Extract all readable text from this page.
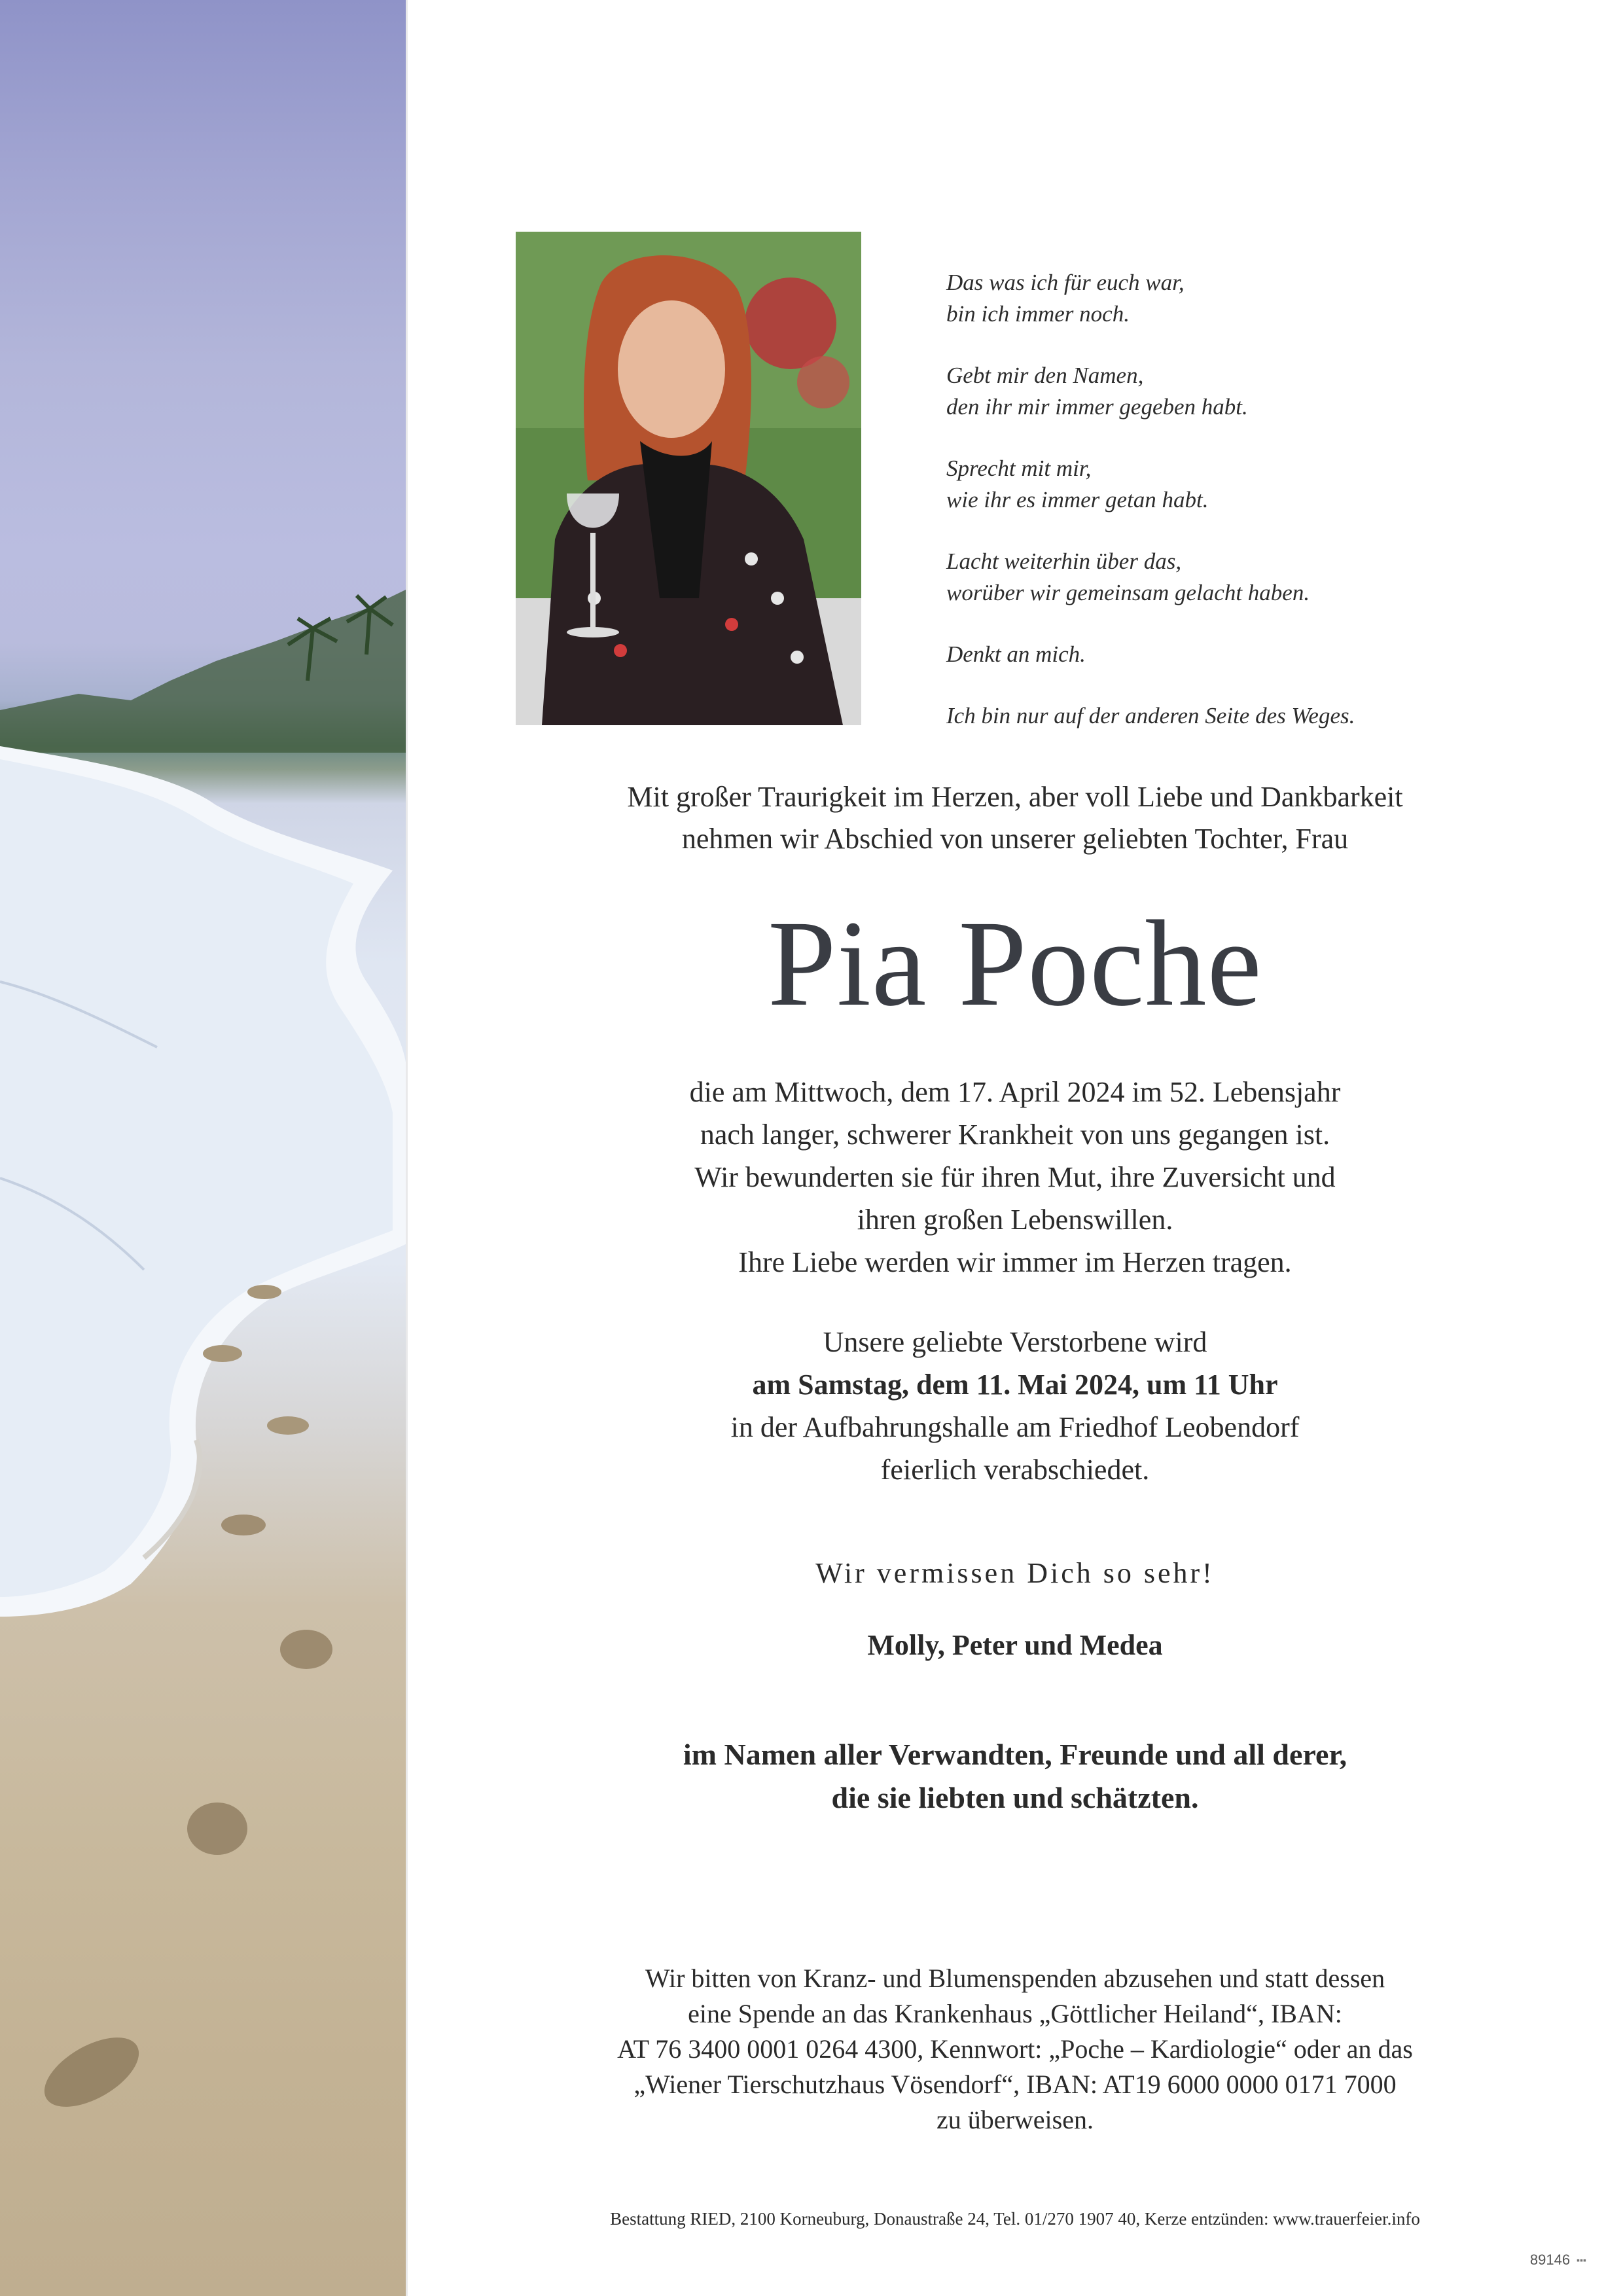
Das was ich für euch war,
bin ich immer noch.

Gebt mir den Namen,
den ihr mir immer gegeben habt.

Sprecht mit mir,
wie ihr es immer getan habt.

Lacht weiterhin über das,
worüber wir gemeinsam gelacht haben.

Denkt an mich.

Ich bin nur auf der anderen Seite des Weges.

Mit großer Traurigkeit im Herzen, aber voll Liebe und Dankbarkeit
nehmen wir Abschied von unserer geliebten Tochter, Frau
Pia Poche
die am Mittwoch, dem 17. April 2024 im 52. Lebensjahr
nach langer, schwerer Krankheit von uns gegangen ist.
Wir bewunderten sie für ihren Mut, ihre Zuversicht und
ihren großen Lebenswillen.
Ihre Liebe werden wir immer im Herzen tragen.
Unsere geliebte Verstorbene wird
am Samstag, dem 11. Mai 2024, um 11 Uhr
in der Aufbahrungshalle am Friedhof Leobendorf
feierlich verabschiedet.
Wir vermissen Dich so sehr!
Molly, Peter und Medea
im Namen aller Verwandten, Freunde und all derer,
die sie liebten und schätzten.
Wir bitten von Kranz- und Blumenspenden abzusehen und statt dessen
eine Spende an das Krankenhaus „Göttlicher Heiland“, IBAN:
AT 76 3400 0001 0264 4300, Kennwort: „Poche – Kardiologie“ oder an das
„Wiener Tierschutzhaus Vösendorf“, IBAN: AT19 6000 0000 0171 7000
zu überweisen.
Bestattung RIED, 2100 Korneuburg, Donaustraße 24, Tel. 01/270 1907 40, Kerze entzünden: www.trauerfeier.info
89146 ▪▪▪
